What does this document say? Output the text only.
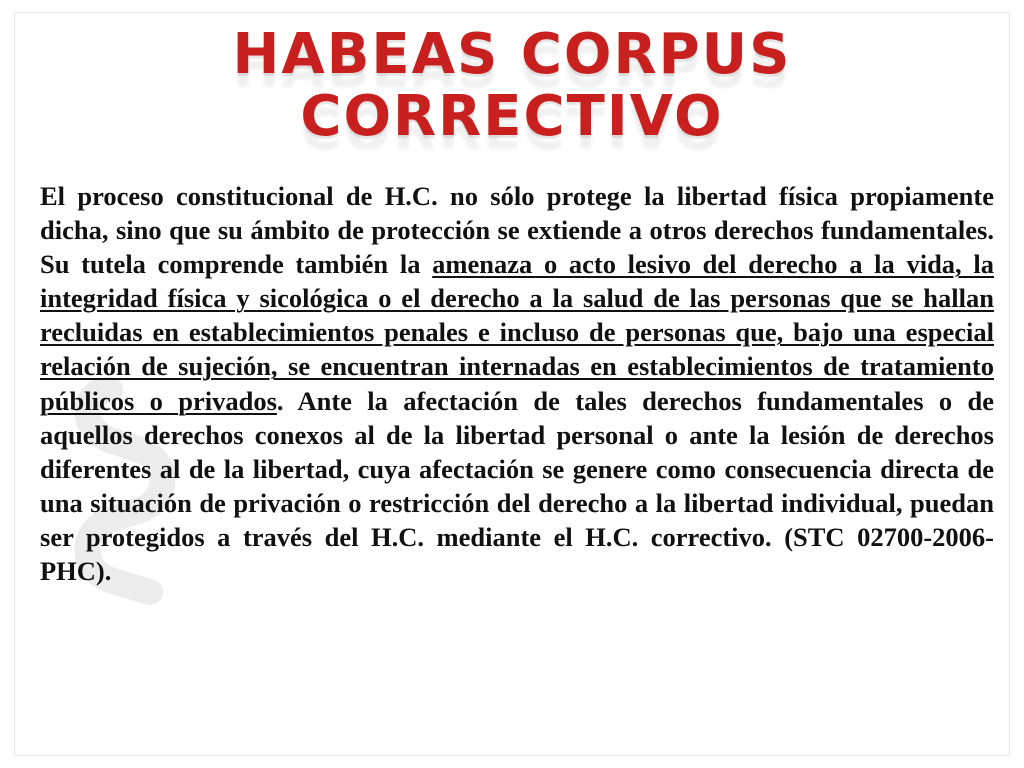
HABEAS CORPUS
CORRECTIVO
El proceso constitucional de H.C. no sólo protege la libertad física propiamente dicha, sino que su ámbito de protección se extiende a otros derechos fundamentales. Su tutela comprende también la amenaza o acto lesivo del derecho a la vida, la integridad física y sicológica o el derecho a la salud de las personas que se hallan recluidas en establecimientos penales e incluso de personas que, bajo una especial relación de sujeción, se encuentran internadas en establecimientos de tratamiento públicos o privados. Ante la afectación de tales derechos fundamentales o de aquellos derechos conexos al de la libertad personal o ante la lesión de derechos diferentes al de la libertad, cuya afectación se genere como consecuencia directa de una situación de privación o restricción del derecho a la libertad individual, puedan ser protegidos a través del H.C. mediante el H.C. correctivo. (STC 02700-2006-PHC).
